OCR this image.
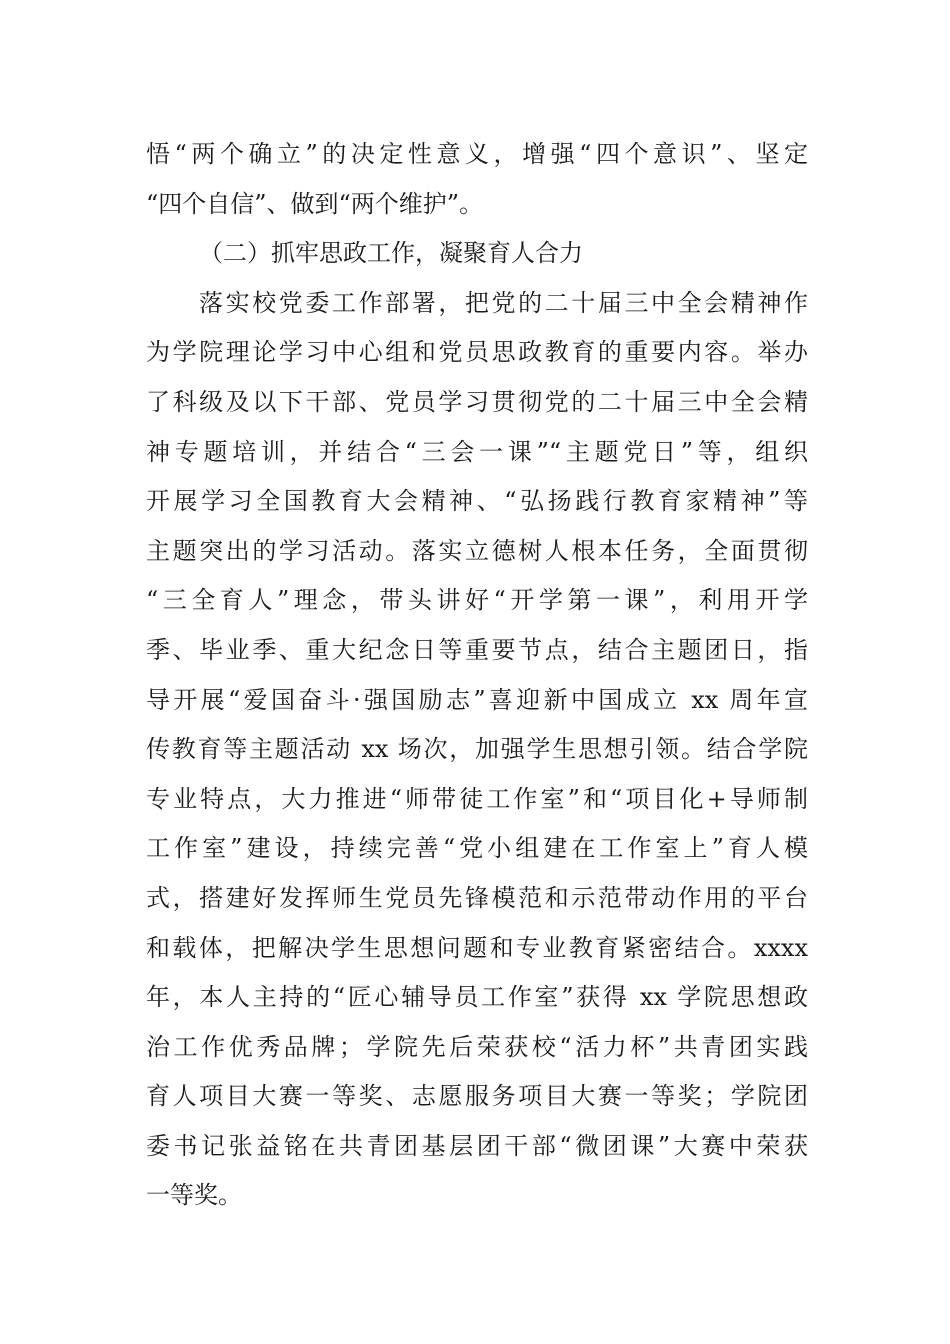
悟“两个确立”的决定性意义，增强“四个意识”、坚定
“四个自信”、做到“两个维护”。
（二）抓牢思政工作，凝聚育人合力
落实校党委工作部署，把党的二十届三中全会精神作
为学院理论学习中心组和党员思政教育的重要内容。举办
了科级及以下干部、党员学习贯彻党的二十届三中全会精
神专题培训，并结合“三会一课”“主题党日”等，组织
开展学习全国教育大会精神、“弘扬践行教育家精神”等
主题突出的学习活动。落实立德树人根本任务，全面贯彻
“三全育人”理念，带头讲好“开学第一课”，利用开学
季、毕业季、重大纪念日等重要节点，结合主题团日，指
导开展“爱国奋斗·强国励志”喜迎新中国成立 xx 周年宣
传教育等主题活动 xx 场次，加强学生思想引领。结合学院
专业特点，大力推进“师带徒工作室”和“项目化+导师制
工作室”建设，持续完善“党小组建在工作室上”育人模
式，搭建好发挥师生党员先锋模范和示范带动作用的平台
和载体，把解决学生思想问题和专业教育紧密结合。xxxx
年，本人主持的“匠心辅导员工作室”获得 xx 学院思想政
治工作优秀品牌；学院先后荣获校“活力杯”共青团实践
育人项目大赛一等奖、志愿服务项目大赛一等奖；学院团
委书记张益铭在共青团基层团干部“微团课”大赛中荣获
一等奖。
